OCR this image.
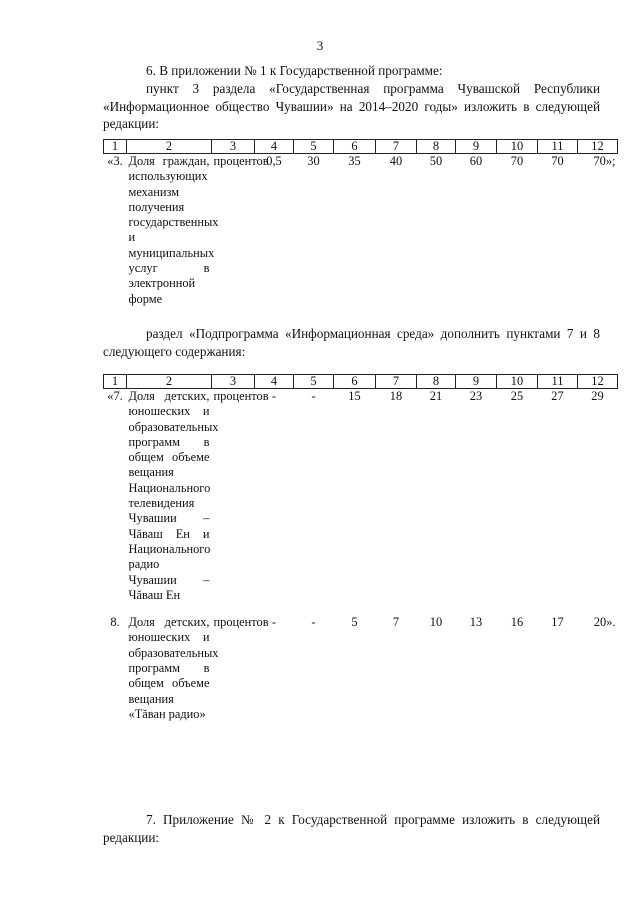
3
6. В приложении № 1 к Государственной программе:
пункт 3 раздела «Государственная программа Чувашской Республики «Информационное общество Чувашии» на 2014–2020 годы» изложить в следующей редакции:
1	2	3	4	5	6	7	8	9	10	11	12
«3.	Доля граждан, использующих механизм получения государственных и муниципальных услуг в электронной форме	процентов	0,5	30	35	40	50	60	70	70	70»;
раздел «Подпрограмма «Информационная среда» дополнить пунктами 7 и 8 следующего содержания:
1	2	3	4	5	6	7	8	9	10	11	12
«7.	Доля детских, юношеских и образовательных программ в общем объеме вещания Национального телевидения Чувашии – Чăваш Ен и Национального радио Чувашии – Чăваш Ен	процентов	-	-	15	18	21	23	25	27	29

8.	Доля детских, юношеских и образовательных программ в общем объеме вещания «Тăван радио»	процентов	-	-	5	7	10	13	16	17	20».
7. Приложение № 2 к Государственной программе изложить в следующей редакции:
